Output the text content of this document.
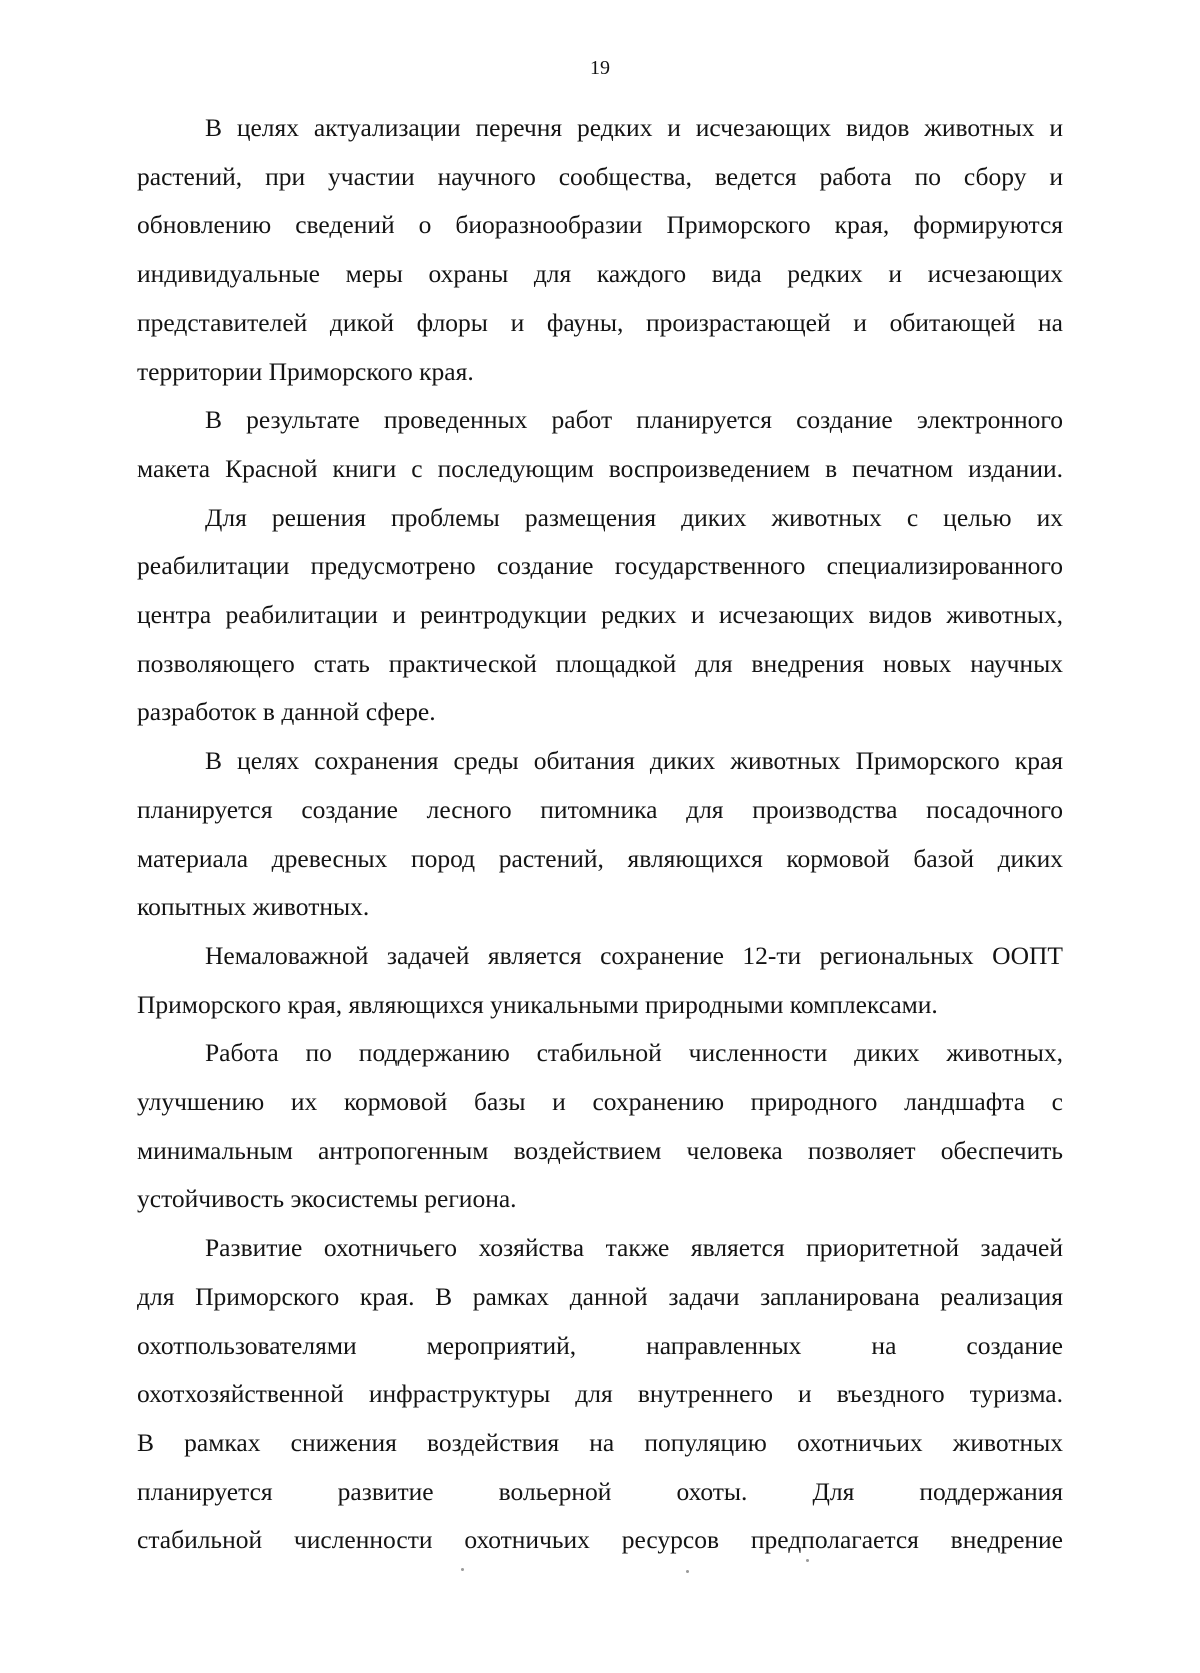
19
В целях актуализации перечня редких и исчезающих видов животных и
растений, при участии научного сообщества, ведется работа по сбору и
обновлению сведений о биоразнообразии Приморского края, формируются
индивидуальные меры охраны для каждого вида редких и исчезающих
представителей дикой флоры и фауны, произрастающей и обитающей на
территории Приморского края.
В результате проведенных работ планируется создание электронного
макета Красной книги с последующим воспроизведением в печатном издании.
Для решения проблемы размещения диких животных с целью их
реабилитации предусмотрено создание государственного специализированного
центра реабилитации и реинтродукции редких и исчезающих видов животных,
позволяющего стать практической площадкой для внедрения новых научных
разработок в данной сфере.
В целях сохранения среды обитания диких животных Приморского края
планируется создание лесного питомника для производства посадочного
материала древесных пород растений, являющихся кормовой базой диких
копытных животных.
Немаловажной задачей является сохранение 12-ти региональных ООПТ
Приморского края, являющихся уникальными природными комплексами.
Работа по поддержанию стабильной численности диких животных,
улучшению их кормовой базы и сохранению природного ландшафта с
минимальным антропогенным воздействием человека позволяет обеспечить
устойчивость экосистемы региона.
Развитие охотничьего хозяйства также является приоритетной задачей
для Приморского края. В рамках данной задачи запланирована реализация
охотпользователями мероприятий, направленных на создание
охотхозяйственной инфраструктуры для внутреннего и въездного туризма.
В рамках снижения воздействия на популяцию охотничьих животных
планируется развитие вольерной охоты. Для поддержания
стабильной численности охотничьих ресурсов предполагается внедрение
